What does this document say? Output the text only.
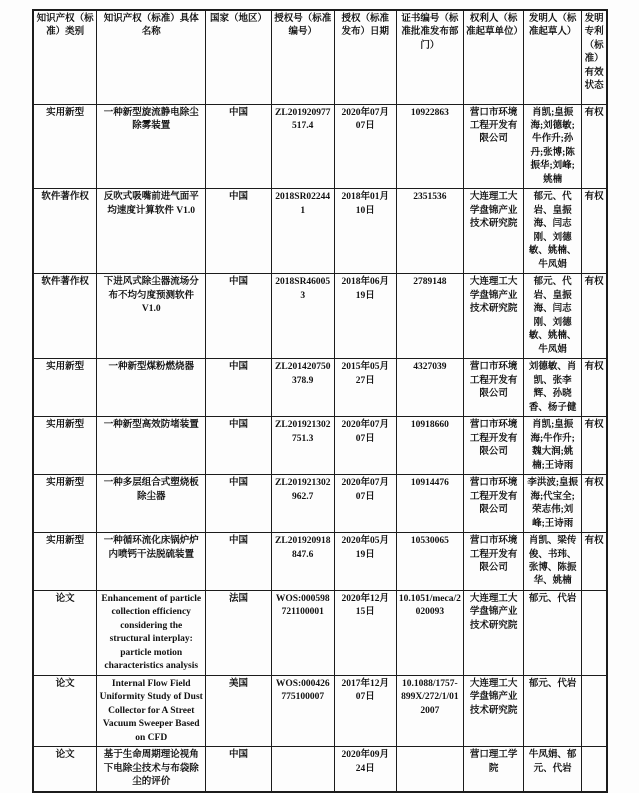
知识产权（标准）类别	知识产权（标准）具体名称	国家（地区）	授权号（标准编号）	授权（标准发布）日期	证书编号（标准批准发布部门）	权利人（标准起草单位）	发明人（标准起草人）	发明专利（标准）有效状态
实用新型	一种新型旋流静电除尘除雾装置	中国	ZL201920977517.4	2020年07月07日	10922863	营口市环境工程开发有限公司	肖凯;皇振海;刘德敏;牛作升;孙丹;张博;陈振华;刘峰;姚楠	有权
软件著作权	反吹式吸嘴前进气面平均速度计算软件 V1.0	中国	2018SR022441	2018年01月10日	2351536	大连理工大学盘锦产业技术研究院	郁元、代岩、皇振海、闫志刚、刘德敏、姚楠、牛凤娟	有权
软件著作权	下进风式除尘器流场分布不均匀度预测软件 V1.0	中国	2018SR460053	2018年06月19日	2789148	大连理工大学盘锦产业技术研究院	郁元、代岩、皇振海、闫志刚、刘德敏、姚楠、牛凤娟	有权
实用新型	一种新型煤粉燃烧器	中国	ZL201420750378.9	2015年05月27日	4327039	营口市环境工程开发有限公司	刘德敏、肖凯、张李辉、孙晓香、杨子健	有权
实用新型	一种新型高效防堵装置	中国	ZL201921302751.3	2020年07月07日	10918660	营口市环境工程开发有限公司	肖凯;皇振海;牛作升;魏大润;姚楠;王诗雨	有权
实用新型	一种多层组合式塑烧板除尘器	中国	ZL201921302962.7	2020年07月07日	10914476	营口市环境工程开发有限公司	李洪波;皇振海;代宝全;荣志伟;刘峰;王诗雨	有权
实用新型	一种循环流化床锅炉炉内喷钙干法脱硫装置	中国	ZL201920918847.6	2020年05月19日	10530065	营口市环境工程开发有限公司	肖凯、梁传俊、书玮、张博、陈振华、姚楠	有权
论文	Enhancement of particle collection efficiency considering the structural interplay: particle motion characteristics analysis	法国	WOS:000598721100001	2020年12月15日	10.1051/meca/2020093	大连理工大学盘锦产业技术研究院	郁元、代岩	
论文	Internal Flow Field Uniformity Study of Dust Collector for A Street Vacuum Sweeper Based on CFD	美国	WOS:000426775100007	2017年12月07日	10.1088/1757-899X/272/1/012007	大连理工大学盘锦产业技术研究院	郁元、代岩	
论文	基于生命周期理论视角下电除尘技术与布袋除尘的评价	中国		2020年09月24日		营口理工学院	牛凤娟、郁元、代岩	
